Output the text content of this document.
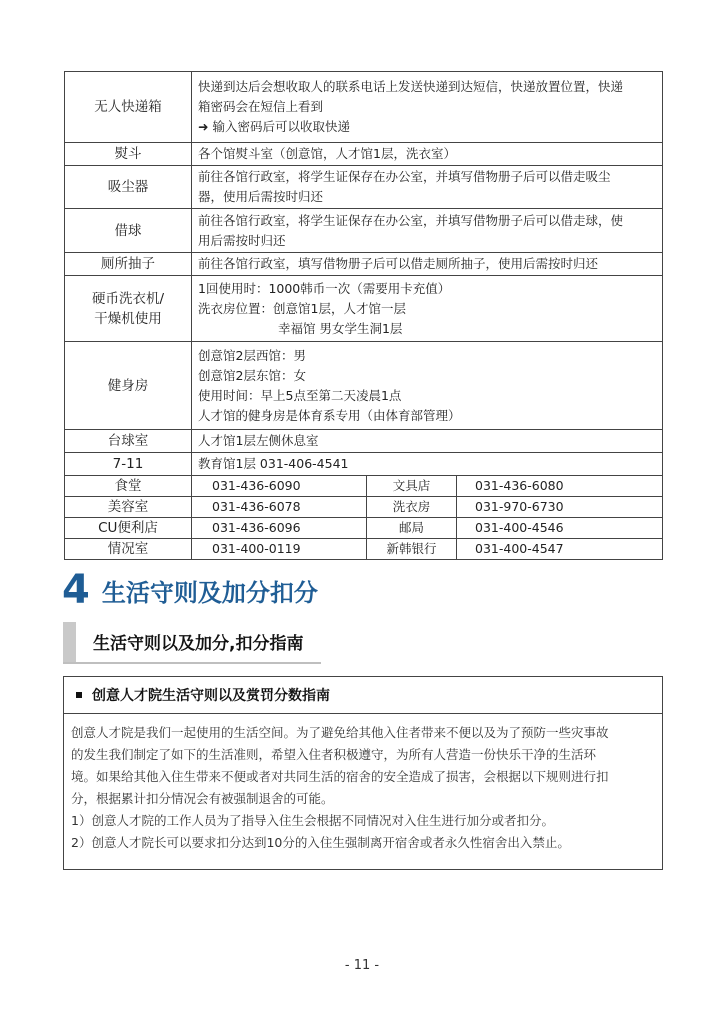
无人快递箱	快递到达后会想收取人的联系电话上发送快递到达短信，快递放置位置，快递
箱密码会在短信上看到
➜ 输入密码后可以收取快递		

熨斗	各个馆熨斗室（创意馆，人才馆1层，洗衣室）		
吸尘器	前往各馆行政室，将学生证保存在办公室，并填写借物册子后可以借走吸尘
器，使用后需按时归还		

借球	前往各馆行政室，将学生证保存在办公室，并填写借物册子后可以借走球，使
用后需按时归还		

厕所抽子	前往各馆行政室，填写借物册子后可以借走厕所抽子，使用后需按时归还		

硬币洗衣机/
干燥机使用	1回使用时：1000韩币一次（需要用卡充值）
洗衣房位置：创意馆1层，人才馆一层
幸福馆 男女学生洞1层		

健身房	创意馆2层西馆：男
创意馆2层东馆：女
使用时间：早上5点至第二天凌晨1点
人才馆的健身房是体育系专用（由体育部管理）		

台球室	人才馆1层左侧休息室		
7-11	教育馆1层 031-406-4541		
食堂	031-436-6090	文具店	031-436-6080
美容室	031-436-6078	洗衣房	031-970-6730
CU便利店	031-436-6096	邮局	031-400-4546
情况室	031-400-0119	新韩银行	031-400-4547
4 生活守则及加分扣分
生活守则以及加分,扣分指南
创意人才院生活守则以及赏罚分数指南
创意人才院是我们一起使用的生活空间。为了避免给其他入住者带来不便以及为了预防一些灾事故
的发生我们制定了如下的生活准则，希望入住者积极遵守，为所有人营造一份快乐干净的生活环
境。如果给其他入住生带来不便或者对共同生活的宿舍的安全造成了损害，会根据以下规则进行扣
分，根据累计扣分情况会有被强制退舍的可能。
1）创意人才院的工作人员为了指导入住生会根据不同情况对入住生进行加分或者扣分。
2）创意人才院长可以要求扣分达到10分的入住生强制离开宿舍或者永久性宿舍出入禁止。
- 11 -
